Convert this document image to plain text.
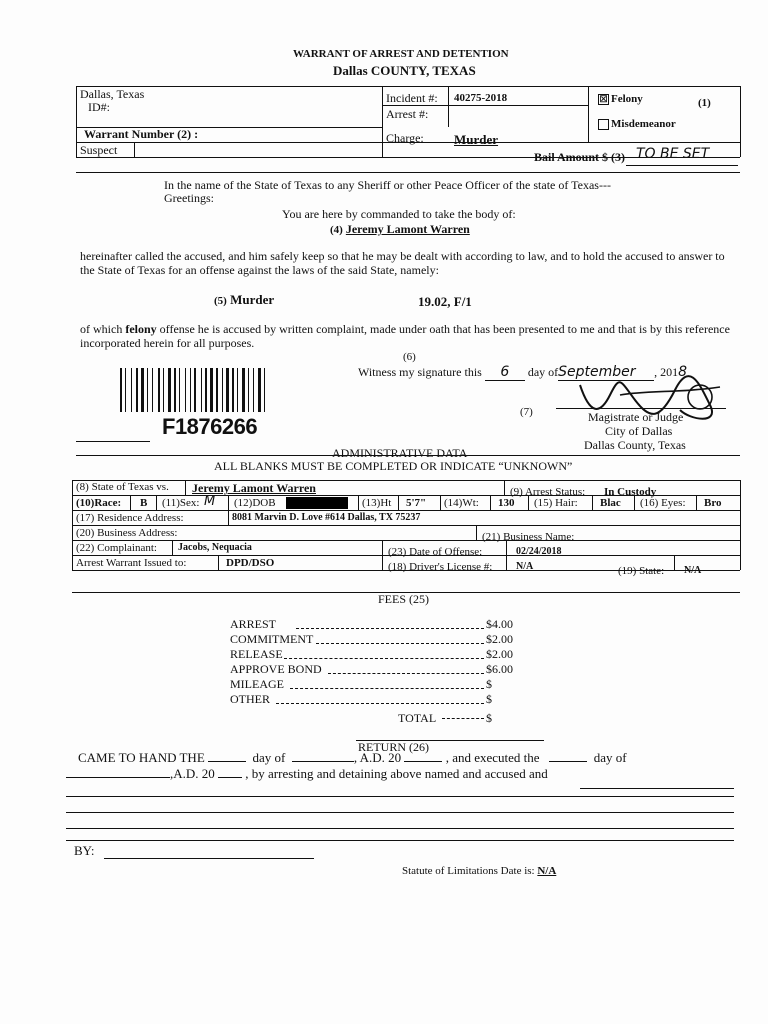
WARRANT OF ARREST AND DETENTION
Dallas COUNTY, TEXAS
Dallas, Texas
ID#:
Incident #: 40275-2018
Arrest #:
☒ Felony	(1)
Misdemeanor
Warrant Number (2) :	Charge: Murder
Suspect	Bail Amount $ (3) TO BE SET
In the name of the State of Texas to any Sheriff or other Peace Officer of the state of Texas---
Greetings:
You are here by commanded to take the body of:
(4) Jeremy Lamont Warren
hereinafter called the accused, and him safely keep so that he may be dealt with according to law, and to hold the accused to answer to the State of Texas for an offense against the laws of the said State, namely:
(5) Murder	19.02, F/1
of which felony offense he is accused by written complaint, made under oath that has been presented to me and that is by this reference incorporated herein for all purposes.
(6)
Witness my signature this 6 day ofSeptember , 2018
F1876266
(7)	Magistrate or Judge
City of Dallas
Dallas County, Texas
ADMINISTRATIVE DATA
ALL BLANKS MUST BE COMPLETED OR INDICATE “UNKNOWN”
(8) State of Texas vs. Jeremy Lamont Warren	(9) Arrest Status: In Custody
(10)Race: B (11)Sex: M (12)DOB	(13)Ht 5'7" (14)Wt: 130 (15) Hair: Blac (16) Eyes: Bro
(17) Residence Address:	8081 Marvin D. Love #614 Dallas, TX 75237
(20) Business Address:	(21) Business Name:
(22) Complainant: Jacobs, Nequacia	(23) Date of Offense:	02/24/2018
Arrest Warrant Issued to:	DPD/DSO	(18) Driver's License #: N/A	(19) State: N/A
FEES (25)
ARREST	$4.00
COMMITMENT	$2.00
RELEASE	$2.00
APPROVE BOND	$6.00
MILEAGE	$
OTHER	$
TOTAL	$
RETURN (26)
CAME TO HAND THE	day of	, A.D. 20	, and executed the	day of
,A.D. 20 , by arresting and detaining above named and accused and
BY:
Statute of Limitations Date is: N/A
